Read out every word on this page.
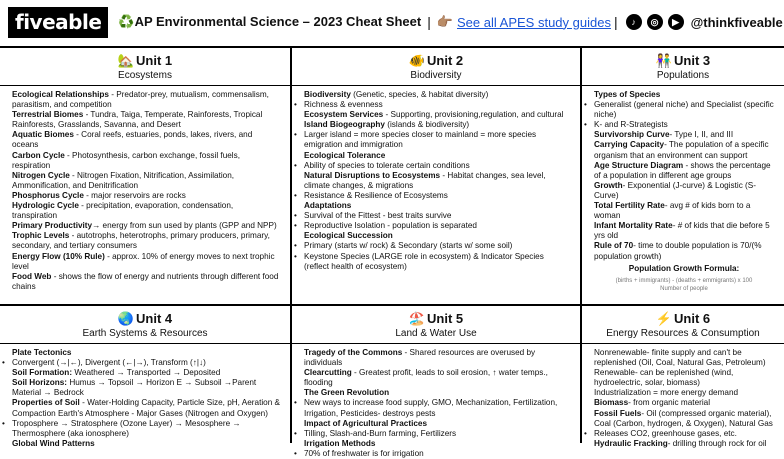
fiveable	♻️AP Environmental Science – 2023 Cheat Sheet | 👉🏽 See all APES study guides |	♪	◎	▶ @thinkfiveable
🏡 Unit 1
Ecosystems

Ecological Relationships - Predator-prey, mutualism, commensalism, parasitism, and competition

Terrestrial Biomes - Tundra, Taiga, Temperate, Rainforests, Tropical Rainforests, Grasslands, Savanna, and Desert

Aquatic Biomes - Coral reefs, estuaries, ponds, lakes, rivers, and oceans

Carbon Cycle - Photosynthesis, carbon exchange, fossil fuels, respiration

Nitrogen Cycle - Nitrogen Fixation, Nitrification, Assimilation, Ammonification, and Denitrification

Phosphorus Cycle - major reservoirs are rocks

Hydrologic Cycle - precipitation, evaporation, condensation, transpiration

Primary Productivity→ energy from sun used by plants (GPP and NPP)

Trophic Levels - autotrophs, heterotrophs, primary producers, primary, secondary, and tertiary consumers

Energy Flow (10% Rule) - approx. 10% of energy moves to next trophic level

Food Web - shows the flow of energy and nutrients through different food chains

🐠 Unit 2
Biodiversity

Biodiversity (Genetic, species, & habitat diversity)

• Richness & evenness

Ecosystem Services - Supporting, provisioning,regulation, and cultural

Island Biogeography (islands & biodiversity)

• Larger island = more species closer to mainland = more species emigration and immigration

Ecological Tolerance

• Ability of species to tolerate certain conditions

Natural Disruptions to Ecosystems - Habitat changes, sea level, climate changes, & migrations

• Resistance & Resilience of Ecosystems

Adaptations

• Survival of the Fittest - best traits survive

• Reproductive Isolation - population is separated

Ecological Succession

• Primary (starts w/ rock) & Secondary (starts w/ some soil)

• Keystone Species (LARGE role in ecosystem) & Indicator Species (reflect health of ecosystem)

👫 Unit 3
Populations

Types of Species

• Generalist (general niche) and Specialist (specific niche)

• K- and R-Strategists

Survivorship Curve- Type I, II, and III

Carrying Capacity- The population of a specific organism that an environment can support

Age Structure Diagram - shows the percentage of a population in different age groups

Growth- Exponential (J-curve) & Logistic (S-Curve)

Total Fertility Rate- avg # of kids born to a woman

Infant Mortality Rate- # of kids that die before 5 yrs old

Rule of 70- time to double population is 70/(% population growth)

Population Growth Formula:
(births + immigrants) - (deaths + emmigrants) x 100
Number of people
🌏 Unit 4
Earth Systems & Resources

Plate Tectonics

• Convergent (→|←), Divergent (←|→), Transform (↑|↓)

Soil Formation: Weathered → Transported → Deposited

Soil Horizons: Humus → Topsoil → Horizon E → Subsoil →Parent Material → Bedrock

Properties of Soil - Water-Holding Capacity, Particle Size, pH, Aeration & Compaction Earth's Atmosphere - Major Gases (Nitrogen and Oxygen)

• Troposphere → Stratosphere (Ozone Layer) → Mesosphere → Thermosphere (aka ionosphere)

Global Wind Patterns

🏖️ Unit 5
Land & Water Use

Tragedy of the Commons - Shared resources are overused by individuals

Clearcutting - Greatest profit, leads to soil erosion, ↑ water temps., flooding

The Green Revolution

• New ways to increase food supply, GMO, Mechanization, Fertilization, Irrigation, Pesticides- destroys pests

Impact of Agricultural Practices

• Tilling, Slash-and-Burn farming, Fertilizers

Irrigation Methods

• 70% of freshwater is for irrigation

⚡ Unit 6
Energy Resources & Consumption

Nonrenewable- finite supply and can't be replenished (Oil, Coal, Natural Gas, Petroleum)

Renewable- can be replenished (wind, hydroelectric, solar, biomass)

Industrialization = more energy demand

Biomass- from organic material

Fossil Fuels- Oil (compressed organic material), Coal (Carbon, hydrogen, & Oxygen), Natural Gas

• Releases CO2, greenhouse gases, etc.

Hydraulic Fracking- drilling through rock for oil
